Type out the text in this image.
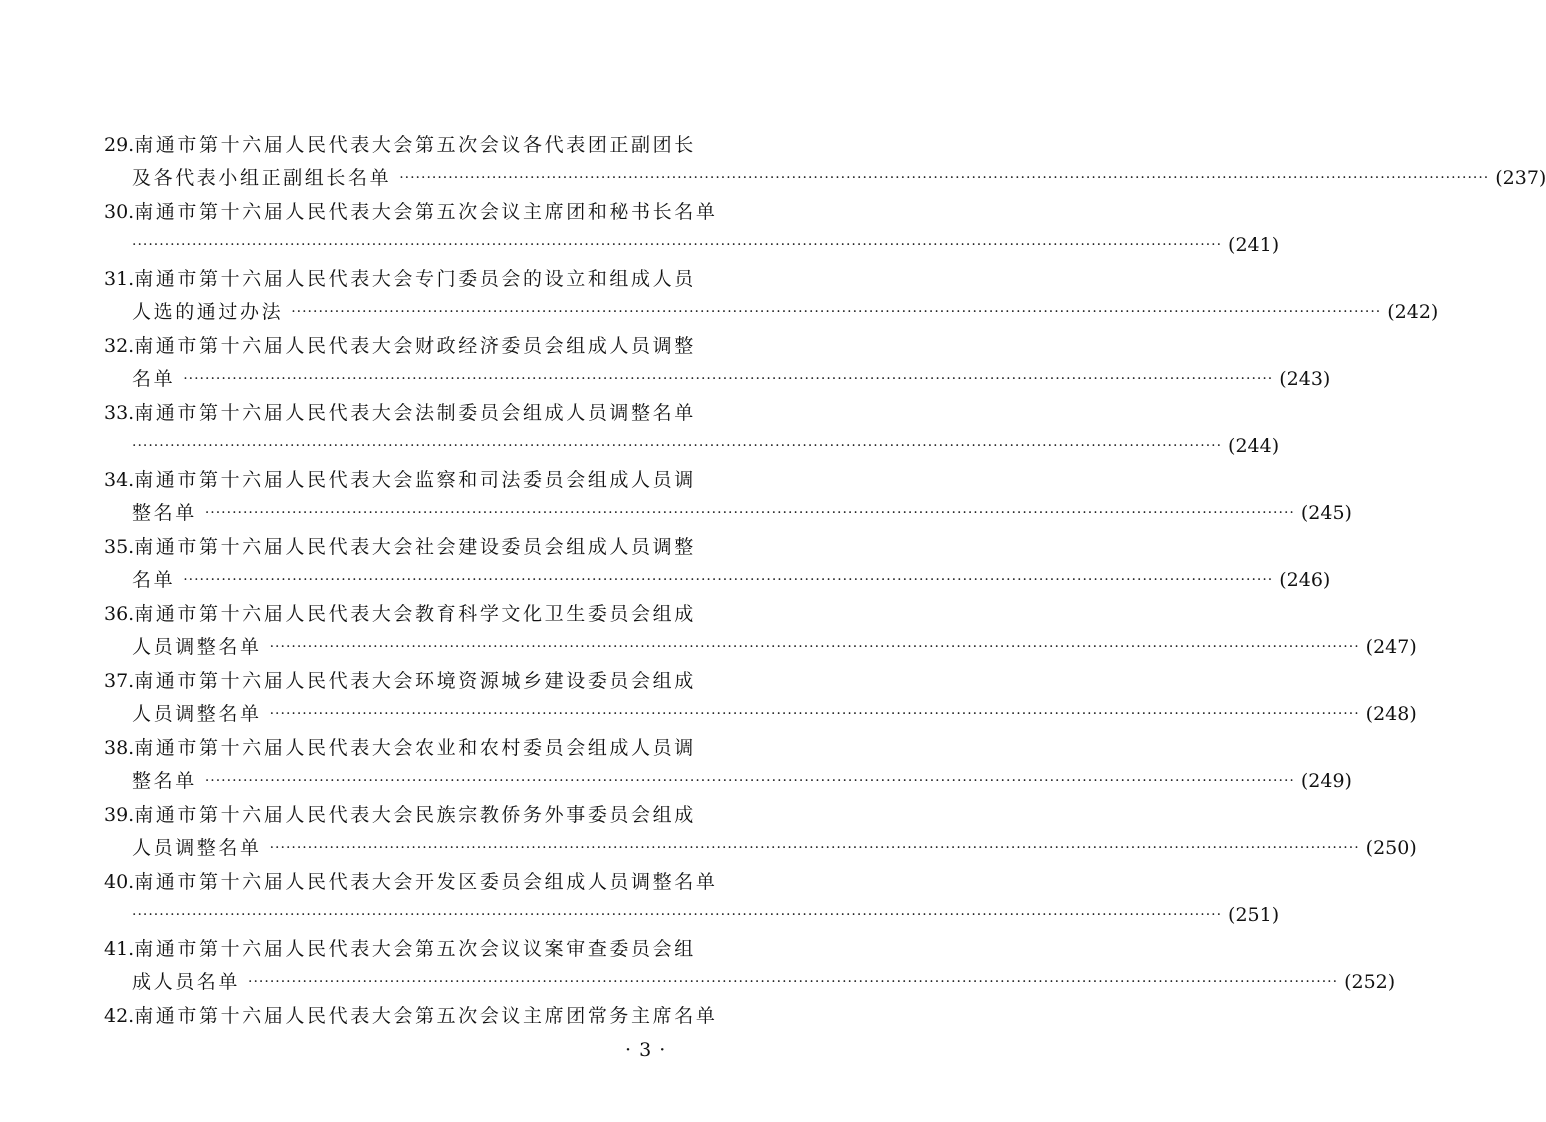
29.南通市第十六届人民代表大会第五次会议各代表团正副团长
及各代表小组正副组长名单 ········································································································································································································ (237)
30.南通市第十六届人民代表大会第五次会议主席团和秘书长名单
········································································································································································································ (241)
31.南通市第十六届人民代表大会专门委员会的设立和组成人员
人选的通过办法 ········································································································································································································ (242)
32.南通市第十六届人民代表大会财政经济委员会组成人员调整
名单 ········································································································································································································ (243)
33.南通市第十六届人民代表大会法制委员会组成人员调整名单
········································································································································································································ (244)
34.南通市第十六届人民代表大会监察和司法委员会组成人员调
整名单 ········································································································································································································ (245)
35.南通市第十六届人民代表大会社会建设委员会组成人员调整
名单 ········································································································································································································ (246)
36.南通市第十六届人民代表大会教育科学文化卫生委员会组成
人员调整名单 ········································································································································································································ (247)
37.南通市第十六届人民代表大会环境资源城乡建设委员会组成
人员调整名单 ········································································································································································································ (248)
38.南通市第十六届人民代表大会农业和农村委员会组成人员调
整名单 ········································································································································································································ (249)
39.南通市第十六届人民代表大会民族宗教侨务外事委员会组成
人员调整名单 ········································································································································································································ (250)
40.南通市第十六届人民代表大会开发区委员会组成人员调整名单
········································································································································································································ (251)
41.南通市第十六届人民代表大会第五次会议议案审查委员会组
成人员名单 ········································································································································································································ (252)
42.南通市第十六届人民代表大会第五次会议主席团常务主席名单
· 3 ·
